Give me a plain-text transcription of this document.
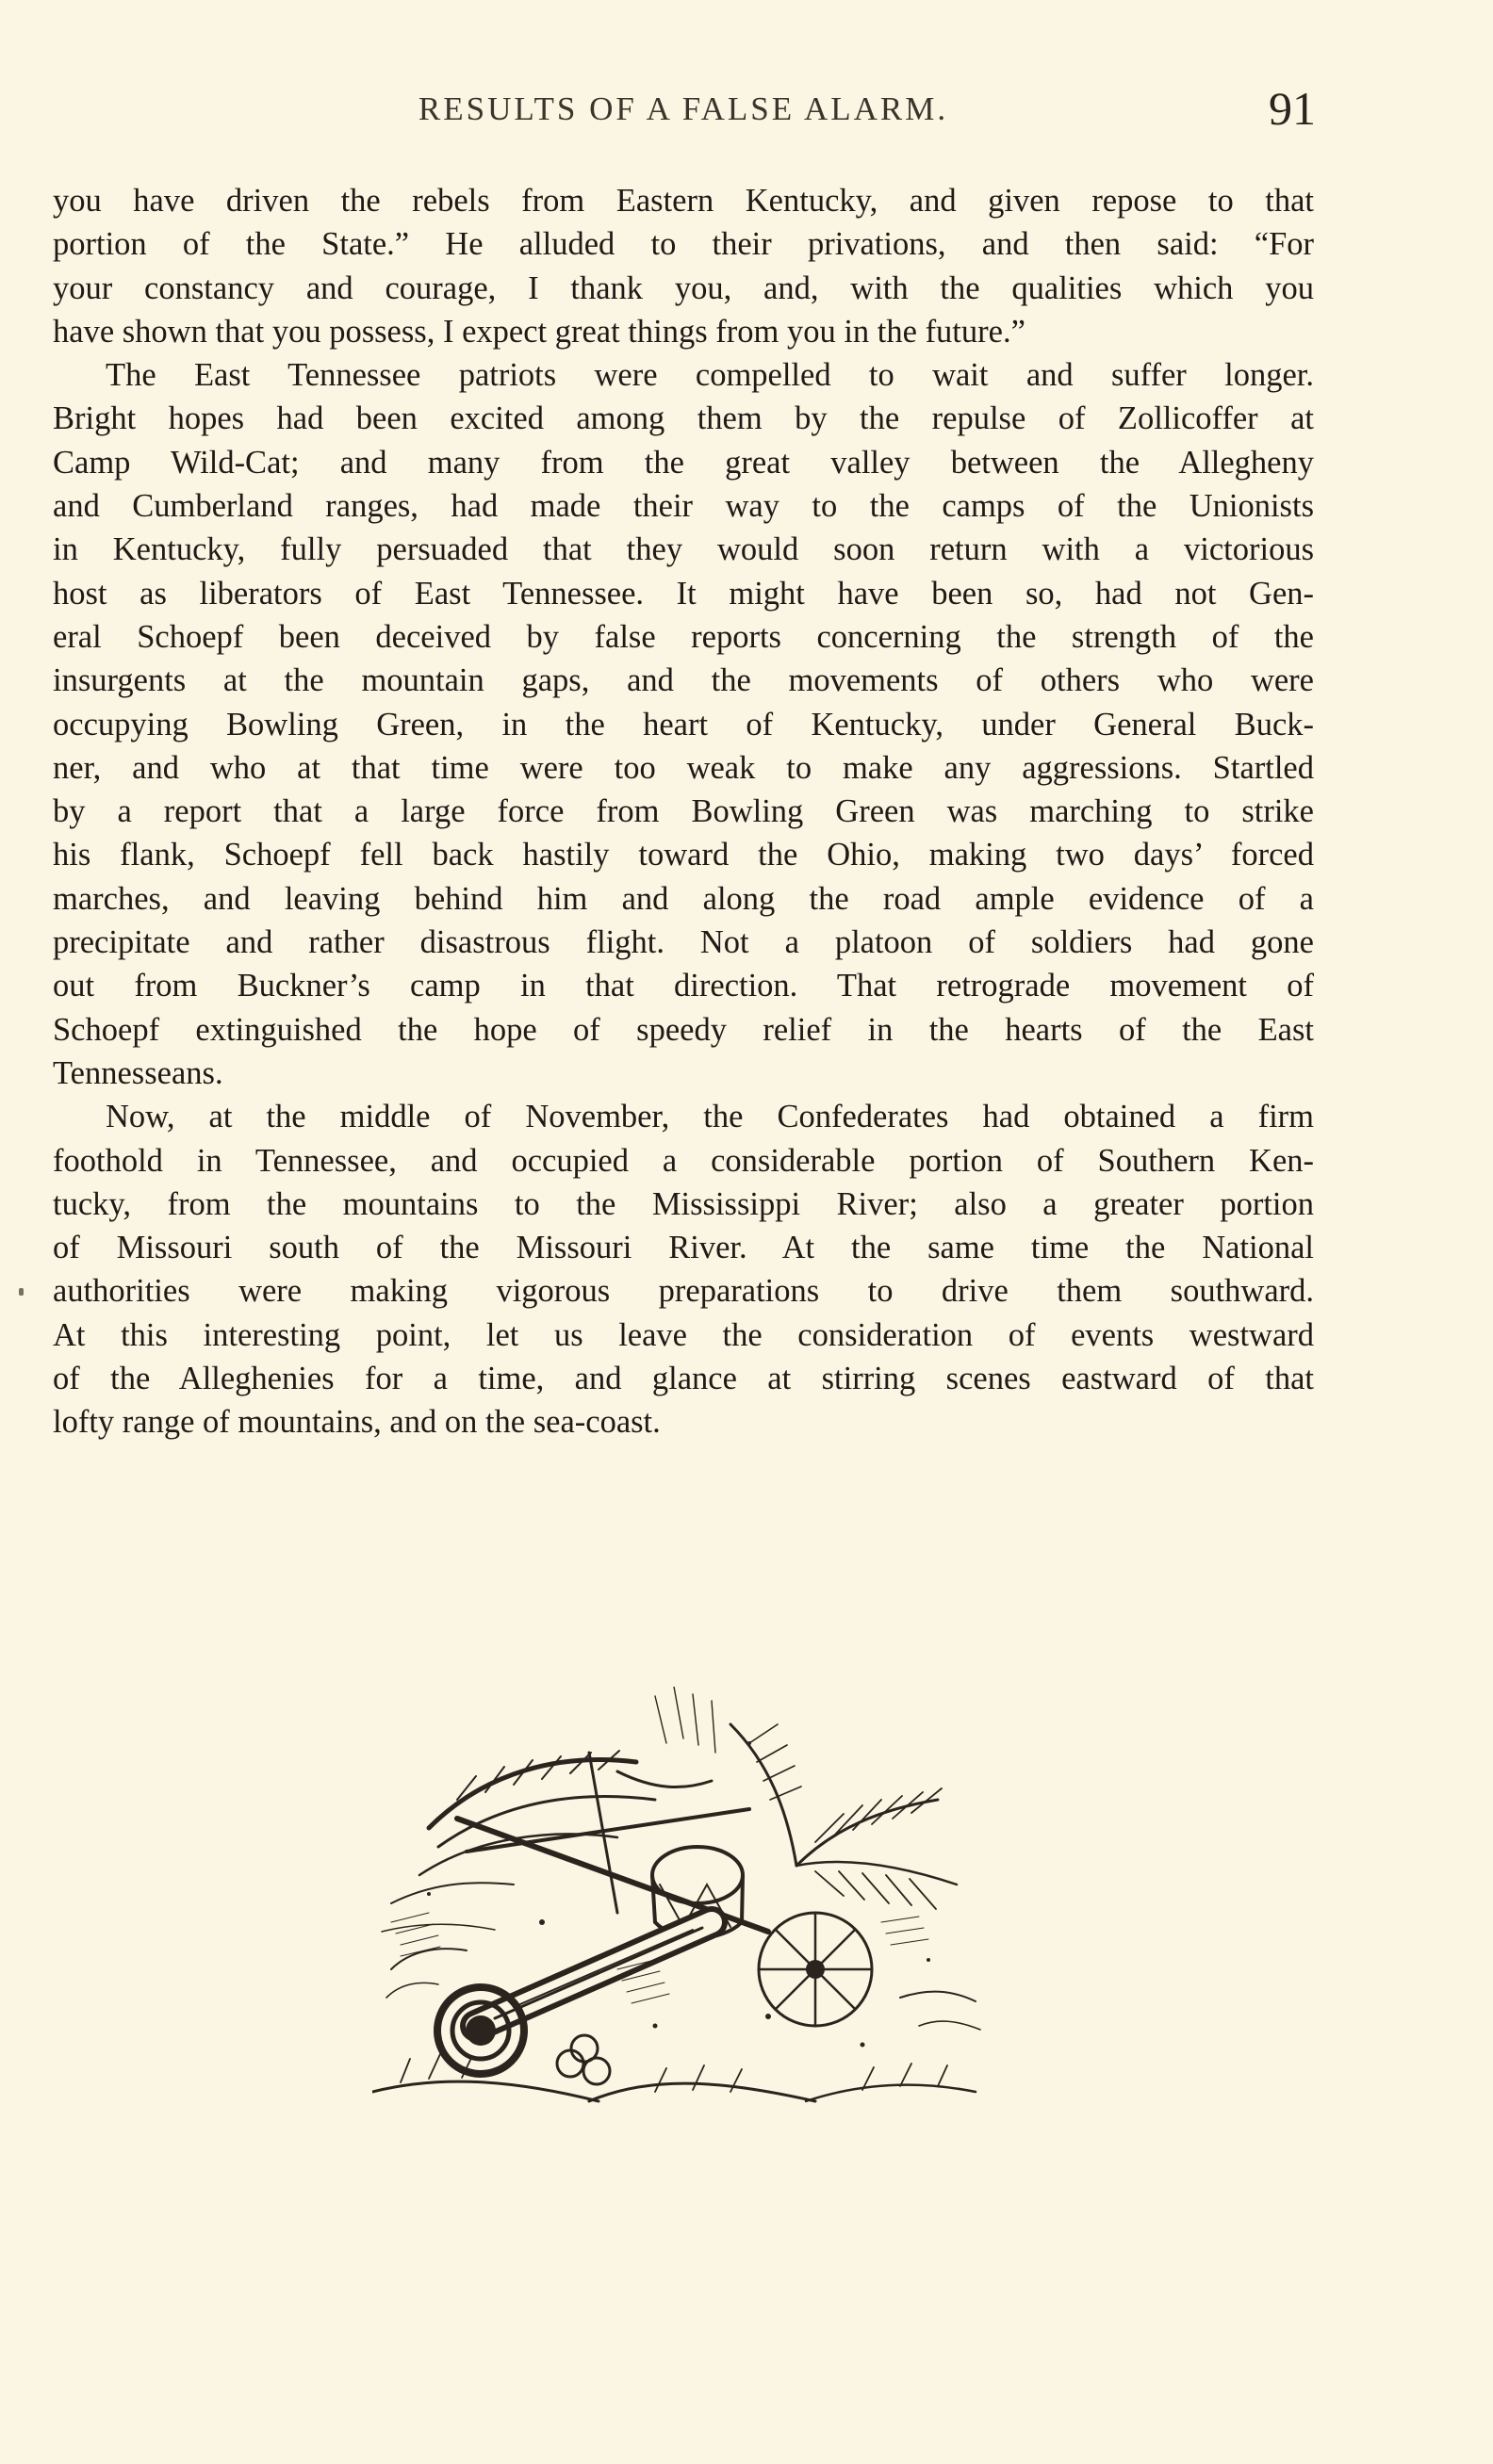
RESULTS OF A FALSE ALARM.	91
you have driven the rebels from Eastern Kentucky, and given repose to that
portion of the State.” He alluded to their privations, and then said: “For
your constancy and courage, I thank you, and, with the qualities which you
have shown that you possess, I expect great things from you in the future.”
The East Tennessee patriots were compelled to wait and suffer longer.
Bright hopes had been excited among them by the repulse of Zollicoffer at
Camp Wild-Cat; and many from the great valley between the Allegheny
and Cumberland ranges, had made their way to the camps of the Unionists
in Kentucky, fully persuaded that they would soon return with a victorious
host as liberators of East Tennessee. It might have been so, had not Gen-
eral Schoepf been deceived by false reports concerning the strength of the
insurgents at the mountain gaps, and the movements of others who were
occupying Bowling Green, in the heart of Kentucky, under General Buck-
ner, and who at that time were too weak to make any aggressions. Startled
by a report that a large force from Bowling Green was marching to strike
his flank, Schoepf fell back hastily toward the Ohio, making two days’ forced
marches, and leaving behind him and along the road ample evidence of a
precipitate and rather disastrous flight. Not a platoon of soldiers had gone
out from Buckner’s camp in that direction. That retrograde movement of
Schoepf extinguished the hope of speedy relief in the hearts of the East
Tennesseans.
Now, at the middle of November, the Confederates had obtained a firm
foothold in Tennessee, and occupied a considerable portion of Southern Ken-
tucky, from the mountains to the Mississippi River; also a greater portion
of Missouri south of the Missouri River. At the same time the National
authorities were making vigorous preparations to drive them southward.
At this interesting point, let us leave the consideration of events westward
of the Alleghenies for a time, and glance at stirring scenes eastward of that
lofty range of mountains, and on the sea-coast.
